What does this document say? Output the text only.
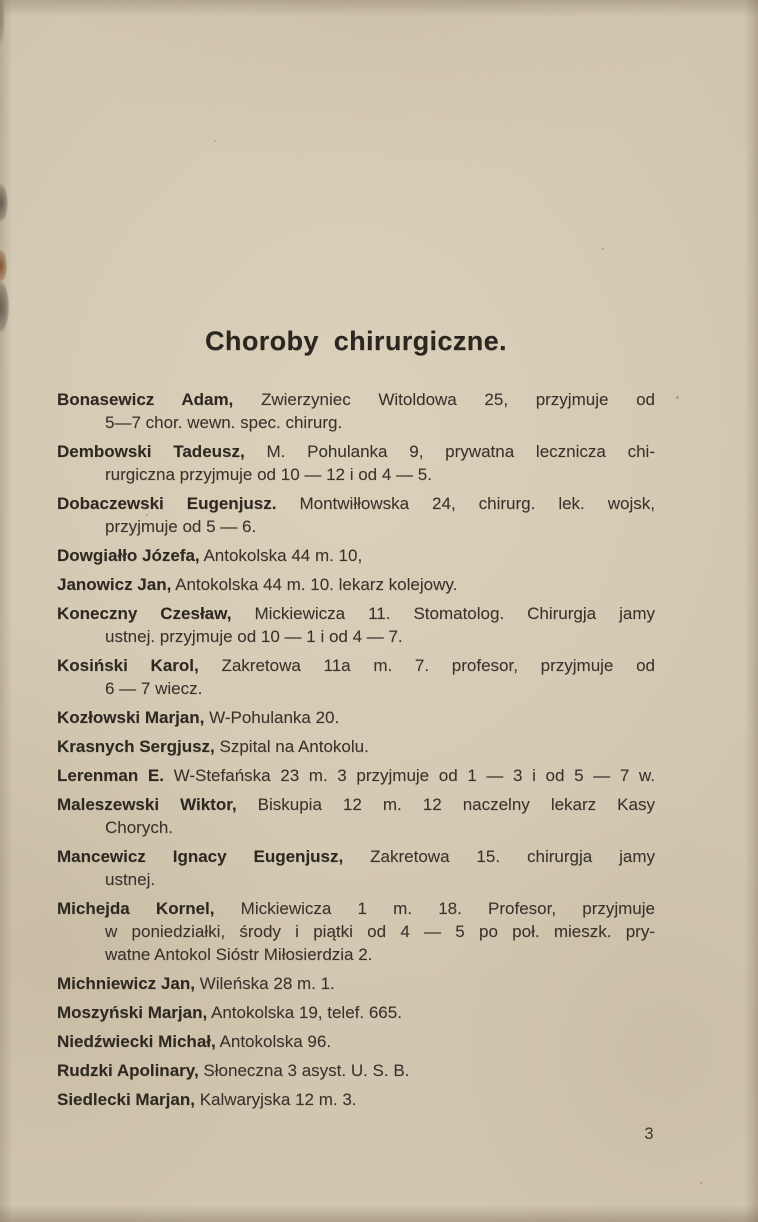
Choroby chirurgiczne.
Bonasewicz Adam, Zwierzyniec Witoldowa 25, przyjmuje od
5—7 chor. wewn. spec. chirurg.
Dembowski Tadeusz, M. Pohulanka 9, prywatna lecznicza chi-
rurgiczna przyjmuje od 10 — 12 i od 4 — 5.
Dobaczewski Eugenjusz. Montwiłłowska 24, chirurg. lek. wojsk,
przyjmuje od 5 — 6.
Dowgiałło Józefa, Antokolska 44 m. 10,
Janowicz Jan, Antokolska 44 m. 10. lekarz kolejowy.
Koneczny Czesław, Mickiewicza 11. Stomatolog. Chirurgja jamy
ustnej. przyjmuje od 10 — 1 i od 4 — 7.
Kosiński Karol, Zakretowa 11a m. 7. profesor, przyjmuje od
6 — 7 wiecz.
Kozłowski Marjan, W-Pohulanka 20.
Krasnych Sergjusz, Szpital na Antokolu.
Lerenman E. W-Stefańska 23 m. 3 przyjmuje od 1 — 3 i od 5 — 7 w.
Maleszewski Wiktor, Biskupia 12 m. 12 naczelny lekarz Kasy
Chorych.
Mancewicz Ignacy Eugenjusz, Zakretowa 15. chirurgja jamy
ustnej.
Michejda Kornel, Mickiewicza 1 m. 18. Profesor, przyjmuje
w poniedziałki, środy i piątki od 4 — 5 po poł. mieszk. pry-
watne Antokol Sióstr Miłosierdzia 2.
Michniewicz Jan, Wileńska 28 m. 1.
Moszyński Marjan, Antokolska 19, telef. 665.
Niedźwiecki Michał, Antokolska 96.
Rudzki Apolinary, Słoneczna 3 asyst. U. S. B.
Siedlecki Marjan, Kalwaryjska 12 m. 3.
3
